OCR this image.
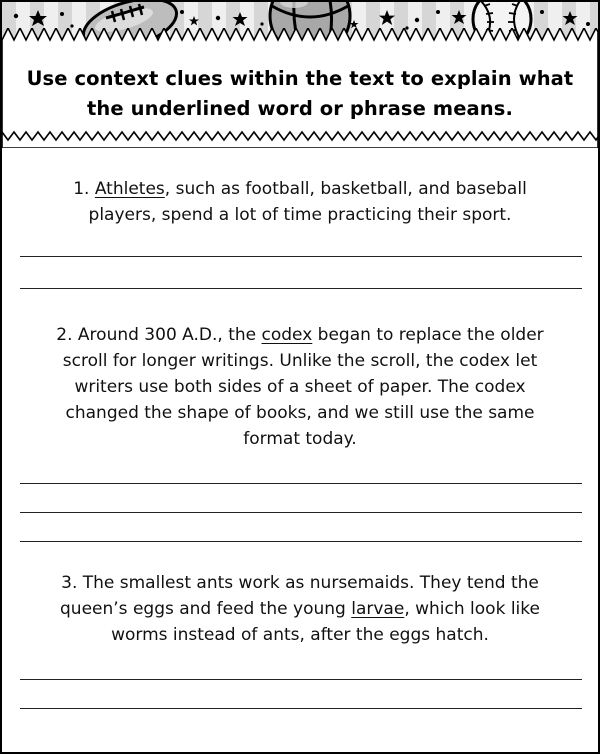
Use context clues within the text to explain what
the underlined word or phrase means.
1. Athletes, such as football, basketball, and baseball
players, spend a lot of time practicing their sport.
2. Around 300 A.D., the codex began to replace the older
scroll for longer writings. Unlike the scroll, the codex let
writers use both sides of a sheet of paper. The codex
changed the shape of books, and we still use the same
format today.
3. The smallest ants work as nursemaids. They tend the
queen’s eggs and feed the young larvae, which look like
worms instead of ants, after the eggs hatch.
